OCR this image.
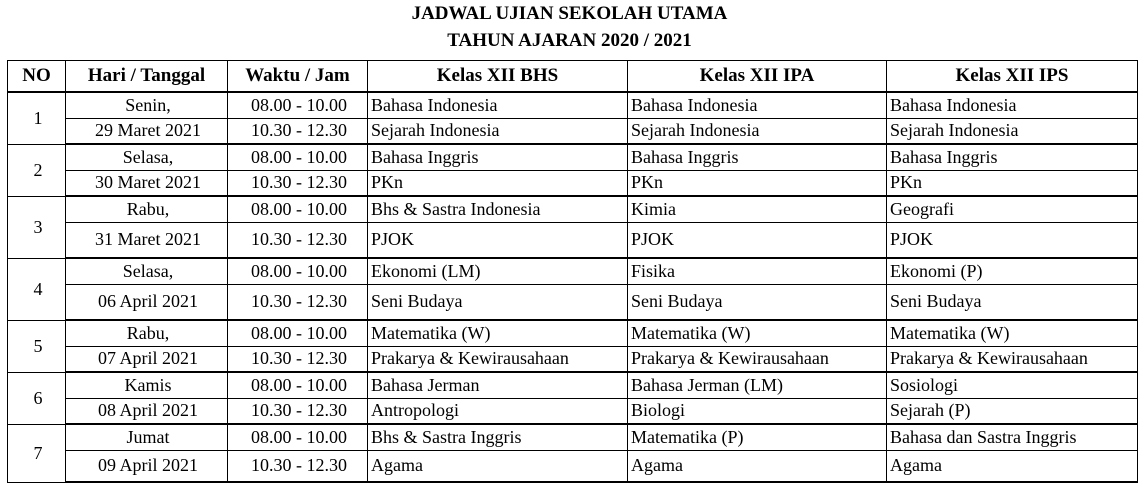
JADWAL UJIAN SEKOLAH UTAMA
TAHUN AJARAN 2020 / 2021
NO	Hari / Tanggal	Waktu / Jam	Kelas XII BHS	Kelas XII IPA	Kelas XII IPS
1	Senin,	08.00 - 10.00	Bahasa Indonesia	Bahasa Indonesia	Bahasa Indonesia
	29 Maret 2021	10.30 - 12.30	Sejarah Indonesia	Sejarah Indonesia	Sejarah Indonesia
2	Selasa,	08.00 - 10.00	Bahasa Inggris	Bahasa Inggris	Bahasa Inggris
	30 Maret 2021	10.30 - 12.30	PKn	PKn	PKn
3	Rabu,	08.00 - 10.00	Bhs & Sastra Indonesia	Kimia	Geografi
	31 Maret 2021	10.30 - 12.30	PJOK	PJOK	PJOK
4	Selasa,	08.00 - 10.00	Ekonomi (LM)	Fisika	Ekonomi (P)
	06 April 2021	10.30 - 12.30	Seni Budaya	Seni Budaya	Seni Budaya
5	Rabu,	08.00 - 10.00	Matematika (W)	Matematika (W)	Matematika (W)
	07 April 2021	10.30 - 12.30	Prakarya & Kewirausahaan	Prakarya & Kewirausahaan	Prakarya & Kewirausahaan
6	Kamis	08.00 - 10.00	Bahasa Jerman	Bahasa Jerman (LM)	Sosiologi
	08 April 2021	10.30 - 12.30	Antropologi	Biologi	Sejarah (P)
7	Jumat	08.00 - 10.00	Bhs & Sastra Inggris	Matematika (P)	Bahasa dan Sastra Inggris
	09 April 2021	10.30 - 12.30	Agama	Agama	Agama
